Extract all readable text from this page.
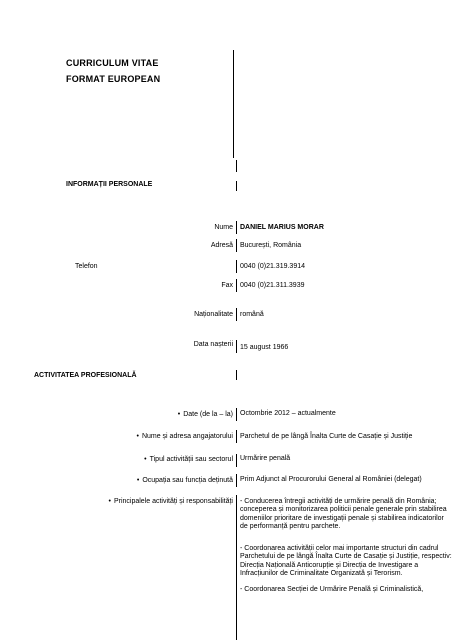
CURRICULUM VITAE
FORMAT EUROPEAN
INFORMAȚII PERSONALE
Nume DANIEL MARIUS MORAR
Adresă București, România
Telefon	0040 (0)21.319.3914
Fax 0040 (0)21.311.3939
Naționalitate română
Data nașterii 15 august 1966
ACTIVITATEA PROFESIONALĂ
• Date (de la – la) Octombrie 2012 – actualmente
• Nume și adresa angajatorului Parchetul de pe lângă Înalta Curte de Casație și Justiție
• Tipul activității sau sectorul Urmărire penală
• Ocupația sau funcția deținută Prim Adjunct al Procurorului General al României (delegat)
• Principalele activități și responsabilități - Conducerea întregii activități de urmărire penală din România; conceperea și monitorizarea politicii penale generale prin stabilirea domeniilor prioritare de investigații penale și stabilirea indicatorilor de performanță pentru parchete.
- Coordonarea activității celor mai importante structuri din cadrul Parchetului de pe lângă Înalta Curte de Casație și Justiție, respectiv: Direcția Națională Anticorupție și Direcția de Investigare a Infracțiunilor de Criminalitate Organizată și Terorism.
- Coordonarea Secției de Urmărire Penală și Criminalistică,
